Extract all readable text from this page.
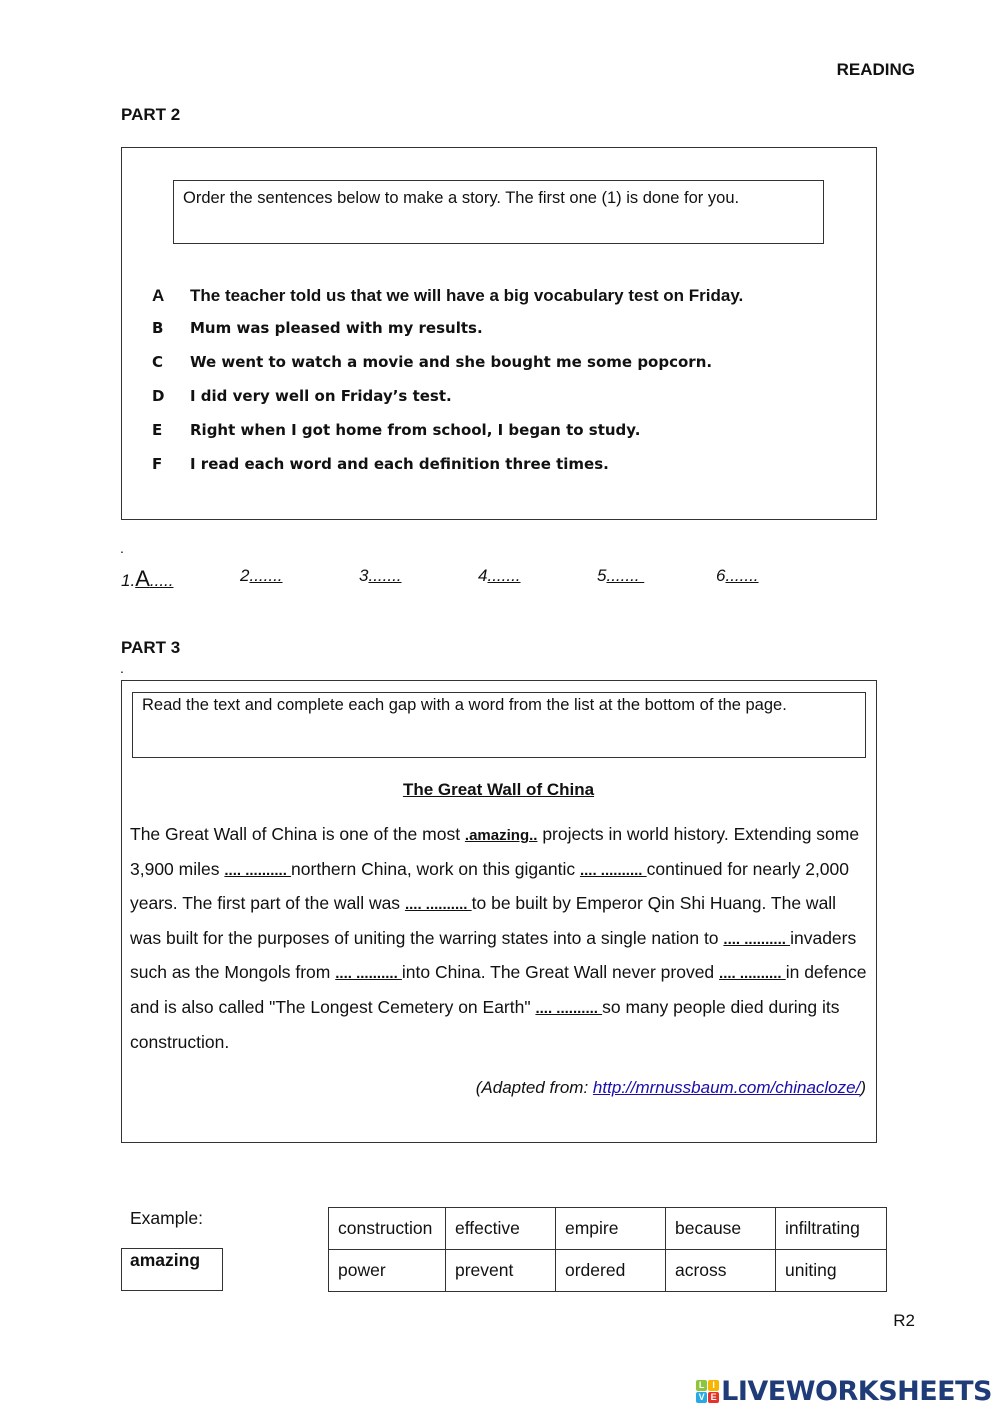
READING
PART 2
Order the sentences below to make a story. The first one (1) is done for you.
A	The teacher told us that we will have a big vocabulary test on Friday.
B	Mum was pleased with my results.
C	We went to watch a movie and she bought me some popcorn.
D	I did very well on Friday’s test.
E	Right when I got home from school, I began to study.
F	I read each word and each definition three times.
.
1.A.....	2.......	3.......	4.......	5.......	6.......
PART 3
.
Read the text and complete each gap with a word from the list at the bottom of the page.
The Great Wall of China
The Great Wall of China is one of the most .amazing.. projects in world history. Extending some 3,900 miles .... .......... northern China, work on this gigantic .... .......... continued for nearly 2,000 years. The first part of the wall was .... .......... to be built by Emperor Qin Shi Huang. The wall was built for the purposes of uniting the warring states into a single nation to .... .......... invaders such as the Mongols from .... .......... into China. The Great Wall never proved .... .......... in defence and is also called "The Longest Cemetery on Earth" .... .......... so many people died during its construction.
(Adapted from: http://mrnussbaum.com/chinacloze/)
Example:
amazing
construction	effective	empire	because	infiltrating
power	prevent	ordered	across	uniting
R2
L I
V E LIVEWORKSHEETS
